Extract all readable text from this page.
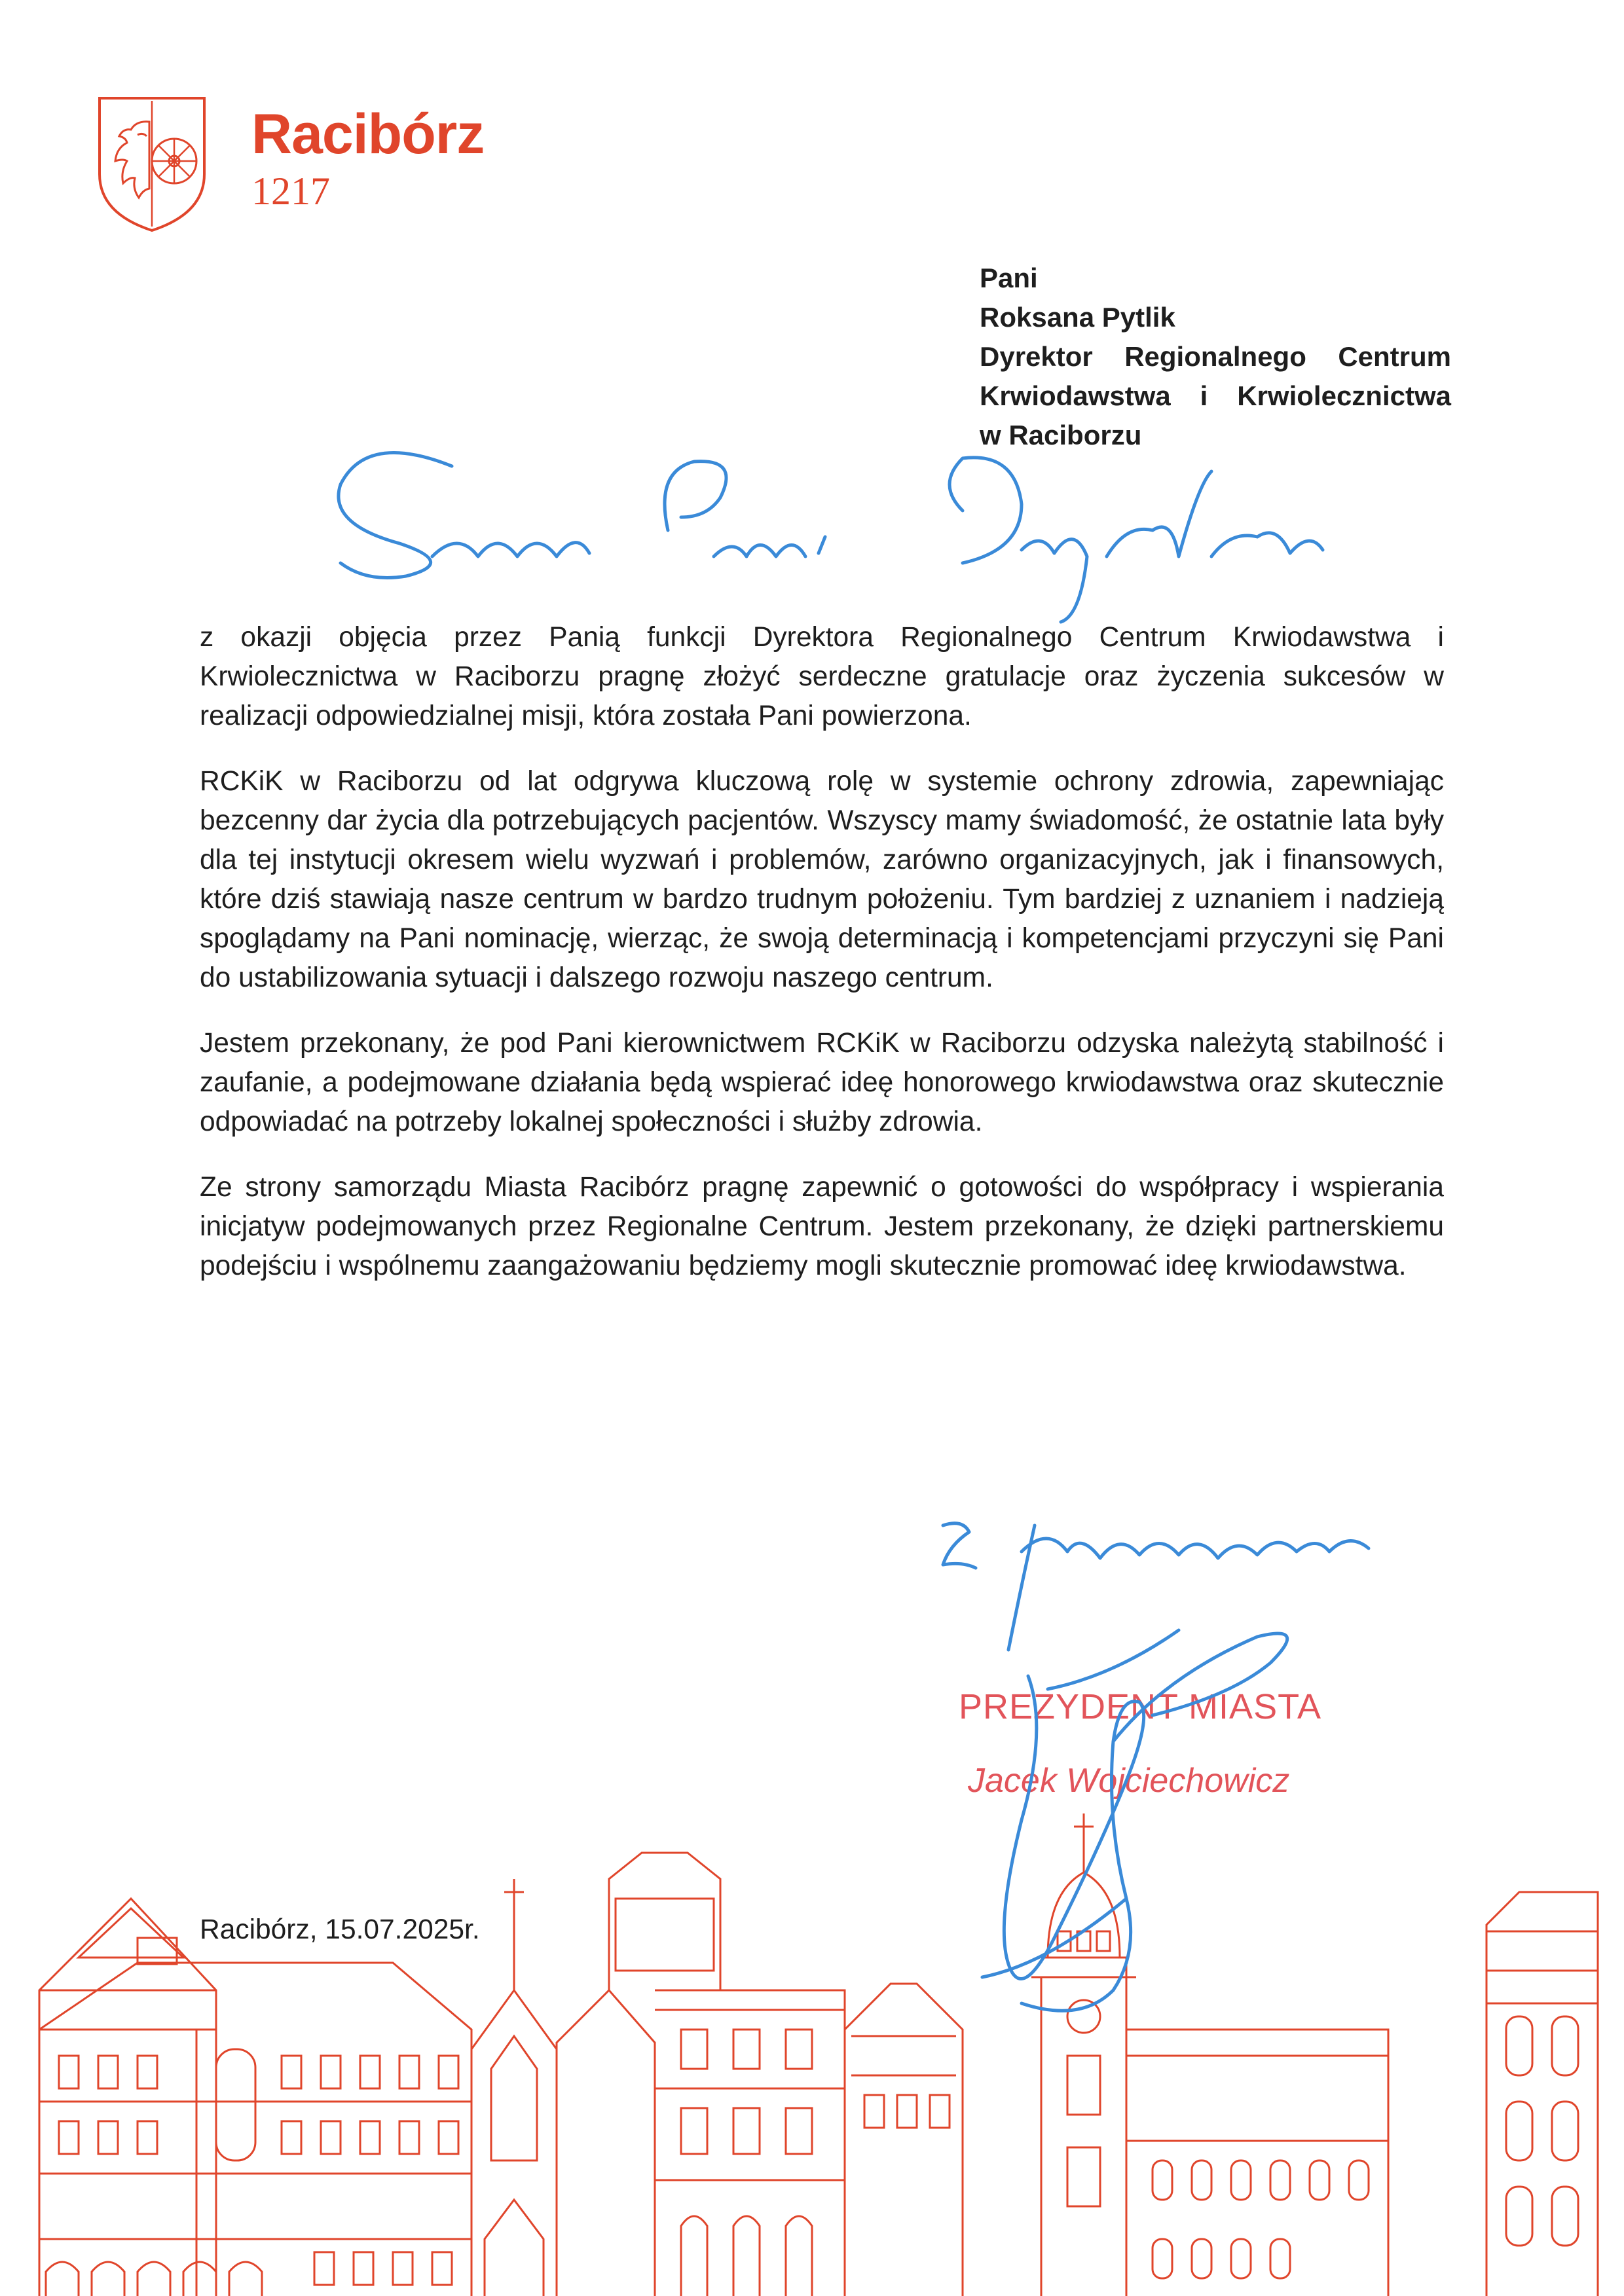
Racibórz
1217
Pani
Roksana Pytlik
Dyrektor Regionalnego Centrum
Krwiodawstwa i Krwiolecznictwa
w Raciborzu

z okazji objęcia przez Panią funkcji Dyrektora Regionalnego Centrum Krwiodawstwa i Krwiolecznictwa w Raciborzu pragnę złożyć serdeczne gratulacje oraz życzenia sukcesów w realizacji odpowiedzialnej misji, która została Pani powierzona.

RCKiK w Raciborzu od lat odgrywa kluczową rolę w systemie ochrony zdrowia, zapewniając bezcenny dar życia dla potrzebujących pacjentów. Wszyscy mamy świadomość, że ostatnie lata były dla tej instytucji okresem wielu wyzwań i problemów, zarówno organizacyjnych, jak i finansowych, które dziś stawiają nasze centrum w bardzo trudnym położeniu. Tym bardziej z uznaniem i nadzieją spoglądamy na Pani nominację, wierząc, że swoją determinacją i kompetencjami przyczyni się Pani do ustabilizowania sytuacji i dalszego rozwoju naszego centrum.

Jestem przekonany, że pod Pani kierownictwem RCKiK w Raciborzu odzyska należytą stabilność i zaufanie, a podejmowane działania będą wspierać ideę honorowego krwiodawstwa oraz skutecznie odpowiadać na potrzeby lokalnej społeczności i służby zdrowia.

Ze strony samorządu Miasta Racibórz pragnę zapewnić o gotowości do współpracy i wspierania inicjatyw podejmowanych przez Regionalne Centrum. Jestem przekonany, że dzięki partnerskiemu podejściu i wspólnemu zaangażowaniu będziemy mogli skutecznie promować ideę krwiodawstwa.

PREZYDENT MIASTA
Jacek Wojciechowicz
Racibórz, 15.07.2025r.
